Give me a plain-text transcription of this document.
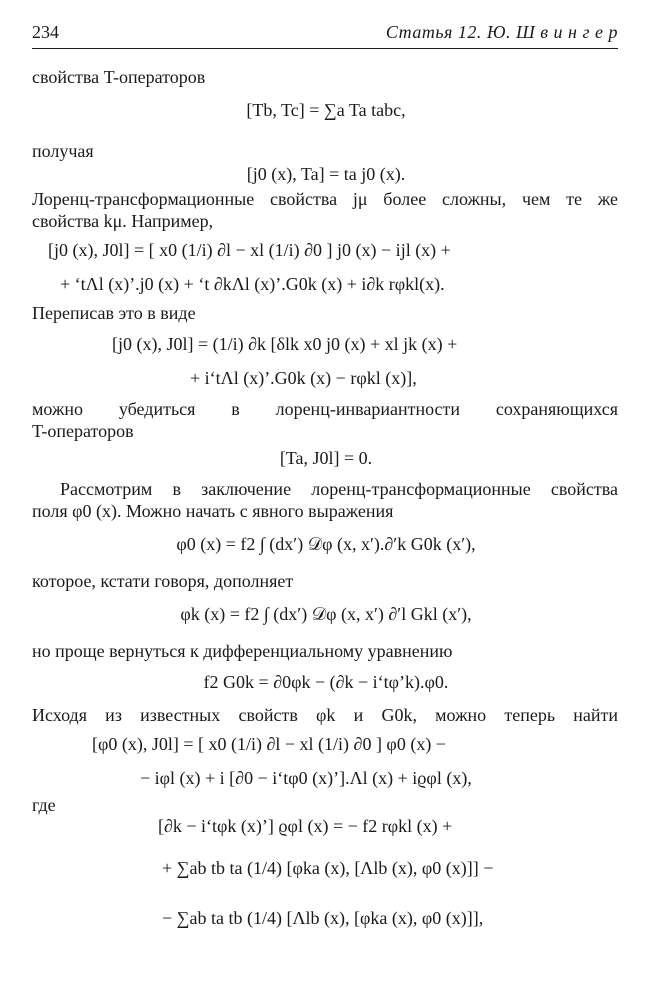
234	Статья 12. Ю. Ш в и н г е р
свойства T-операторов
[Tb, Tc] = ∑a Ta tabc,
получая
[j0 (x), Ta] = ta j0 (x).
Лоренц-трансформационные свойства jμ более сложны, чем те же
свойства kμ. Например,
[j0 (x), J0l] = [ x0 (1/i) ∂l − xl (1/i) ∂0 ] j0 (x) − ijl (x) +
+ ‘tΛl (x)’.j0 (x) + ‘t ∂kΛl (x)’.G0k (x) + i∂k rφkl(x).
Переписав это в виде
[j0 (x), J0l] = (1/i) ∂k [δlk x0 j0 (x) + xl jk (x) +
+ i‘tΛl (x)’.G0k (x) − rφkl (x)],
можно убедиться в лоренц-инвариантности сохраняющихся
T-операторов
[Ta, J0l] = 0.
Рассмотрим в заключение лоренц-трансформационные свойства
поля φ0 (x). Можно начать с явного выражения
φ0 (x) = f2 ∫ (dx′) 𝒟φ (x, x′).∂′k G0k (x′),
которое, кстати говоря, дополняет
φk (x) = f2 ∫ (dx′) 𝒟φ (x, x′) ∂′l Gkl (x′),
но проще вернуться к дифференциальному уравнению
f2 G0k = ∂0φk − (∂k − i‘tφ’k).φ0.
Исходя из известных свойств φk и G0k, можно теперь найти
[φ0 (x), J0l] = [ x0 (1/i) ∂l − xl (1/i) ∂0 ] φ0 (x) −
− iφl (x) + i [∂0 − i‘tφ0 (x)’].Λl (x) + iϱφl (x),
где
[∂k − i‘tφk (x)’] ϱφl (x) = − f2 rφkl (x) +
+ ∑ab tb ta (1/4) [φka (x), [Λlb (x), φ0 (x)]] −
− ∑ab ta tb (1/4) [Λlb (x), [φka (x), φ0 (x)]],
